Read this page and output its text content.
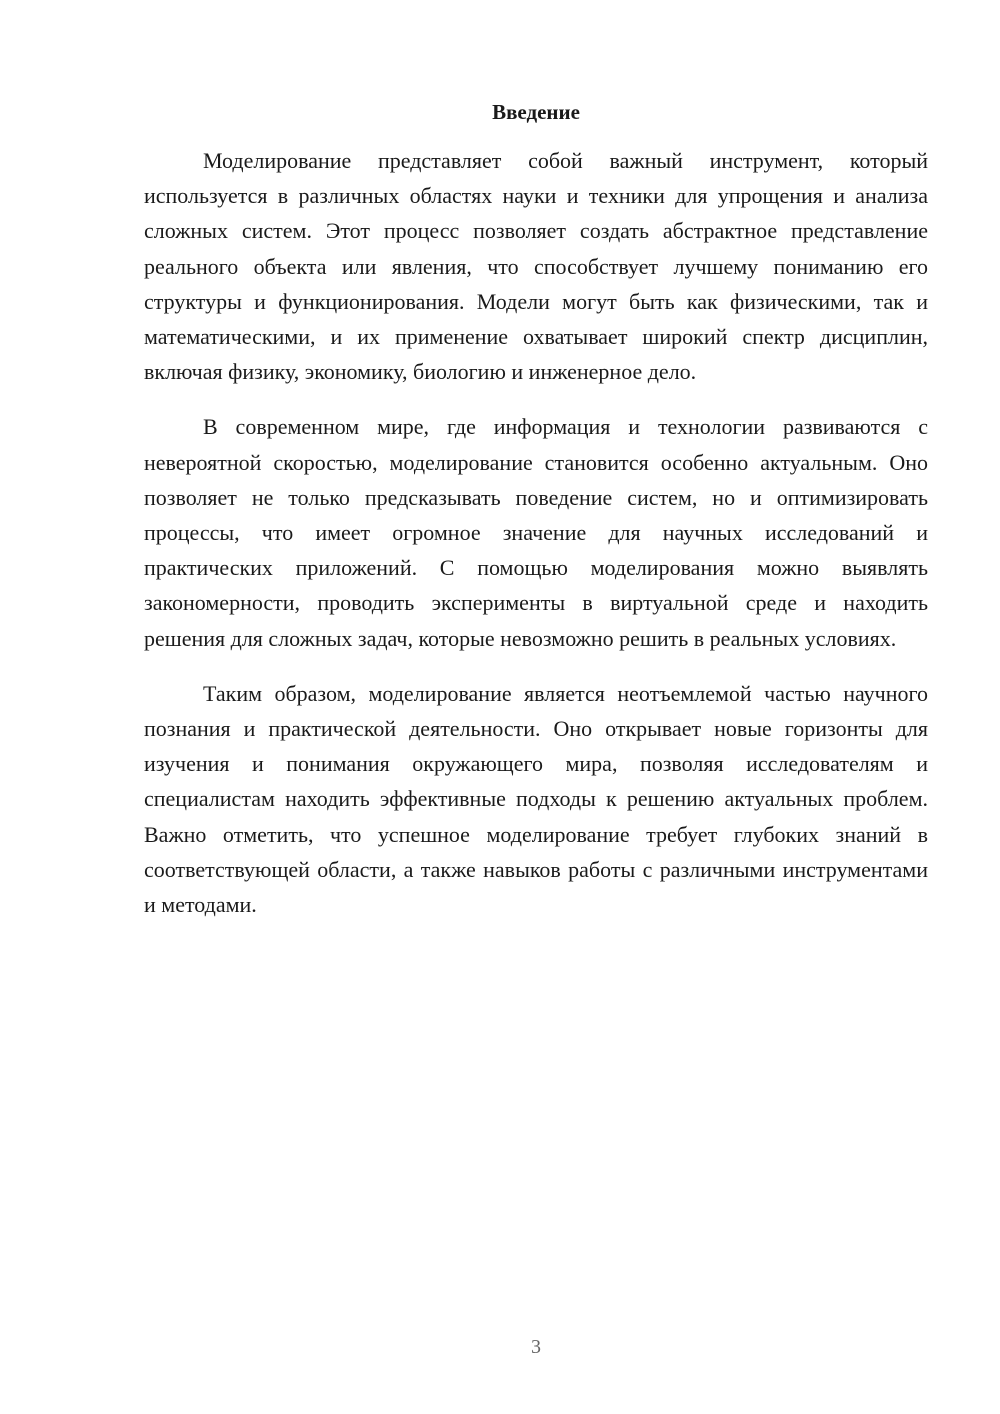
Введение

Моделирование представляет собой важный инструмент, который используется в различных областях науки и техники для упрощения и анализа сложных систем. Этот процесс позволяет создать абстрактное представление реального объекта или явления, что способствует лучшему пониманию его структуры и функционирования. Модели могут быть как физическими, так и математическими, и их применение охватывает широкий спектр дисциплин, включая физику, экономику, биологию и инженерное дело.

В современном мире, где информация и технологии развиваются с невероятной скоростью, моделирование становится особенно актуальным. Оно позволяет не только предсказывать поведение систем, но и оптимизировать процессы, что имеет огромное значение для научных исследований и практических приложений. С помощью моделирования можно выявлять закономерности, проводить эксперименты в виртуальной среде и находить решения для сложных задач, которые невозможно решить в реальных условиях.

Таким образом, моделирование является неотъемлемой частью научного познания и практической деятельности. Оно открывает новые горизонты для изучения и понимания окружающего мира, позволяя исследователям и специалистам находить эффективные подходы к решению актуальных проблем. Важно отметить, что успешное моделирование требует глубоких знаний в соответствующей области, а также навыков работы с различными инструментами и методами.

3
